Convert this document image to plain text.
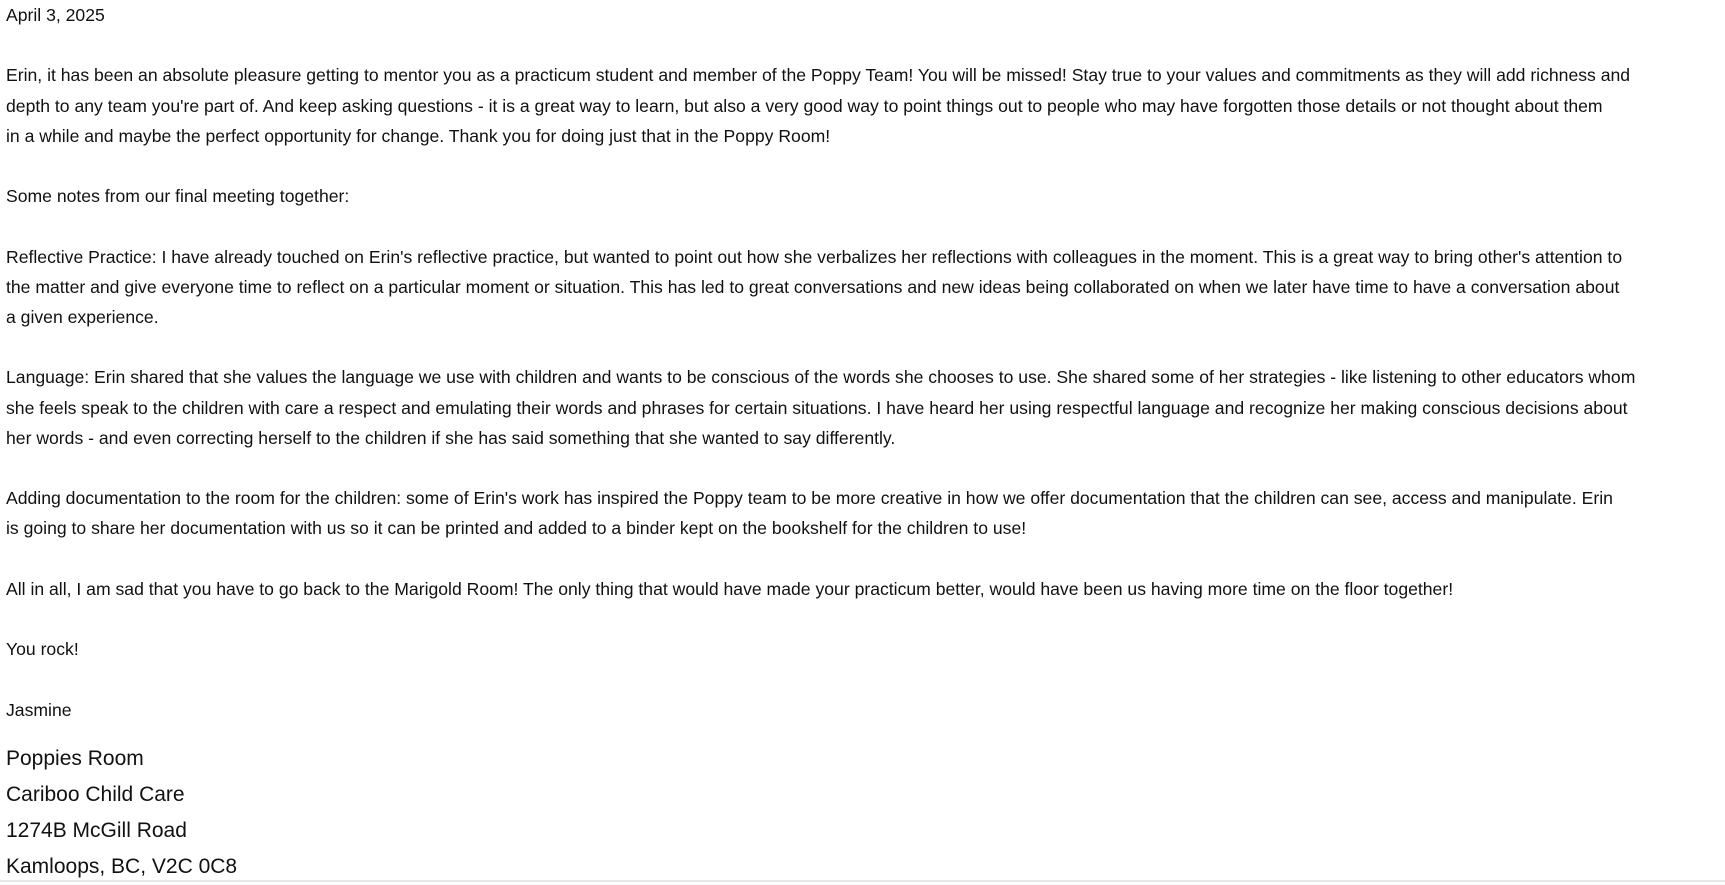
April 3, 2025

Erin, it has been an absolute pleasure getting to mentor you as a practicum student and member of the Poppy Team! You will be missed! Stay true to your values and commitments as they will add richness and
depth to any team you're part of. And keep asking questions - it is a great way to learn, but also a very good way to point things out to people who may have forgotten those details or not thought about them
in a while and maybe the perfect opportunity for change. Thank you for doing just that in the Poppy Room!

Some notes from our final meeting together:

Reflective Practice: I have already touched on Erin's reflective practice, but wanted to point out how she verbalizes her reflections with colleagues in the moment. This is a great way to bring other's attention to
the matter and give everyone time to reflect on a particular moment or situation. This has led to great conversations and new ideas being collaborated on when we later have time to have a conversation about
a given experience.

Language: Erin shared that she values the language we use with children and wants to be conscious of the words she chooses to use. She shared some of her strategies - like listening to other educators whom
she feels speak to the children with care a respect and emulating their words and phrases for certain situations. I have heard her using respectful language and recognize her making conscious decisions about
her words - and even correcting herself to the children if she has said something that she wanted to say differently.

Adding documentation to the room for the children: some of Erin's work has inspired the Poppy team to be more creative in how we offer documentation that the children can see, access and manipulate. Erin
is going to share her documentation with us so it can be printed and added to a binder kept on the bookshelf for the children to use!

All in all, I am sad that you have to go back to the Marigold Room! The only thing that would have made your practicum better, would have been us having more time on the floor together!

You rock!

Jasmine

Poppies Room

Cariboo Child Care

1274B McGill Road

Kamloops, BC, V2C 0C8
